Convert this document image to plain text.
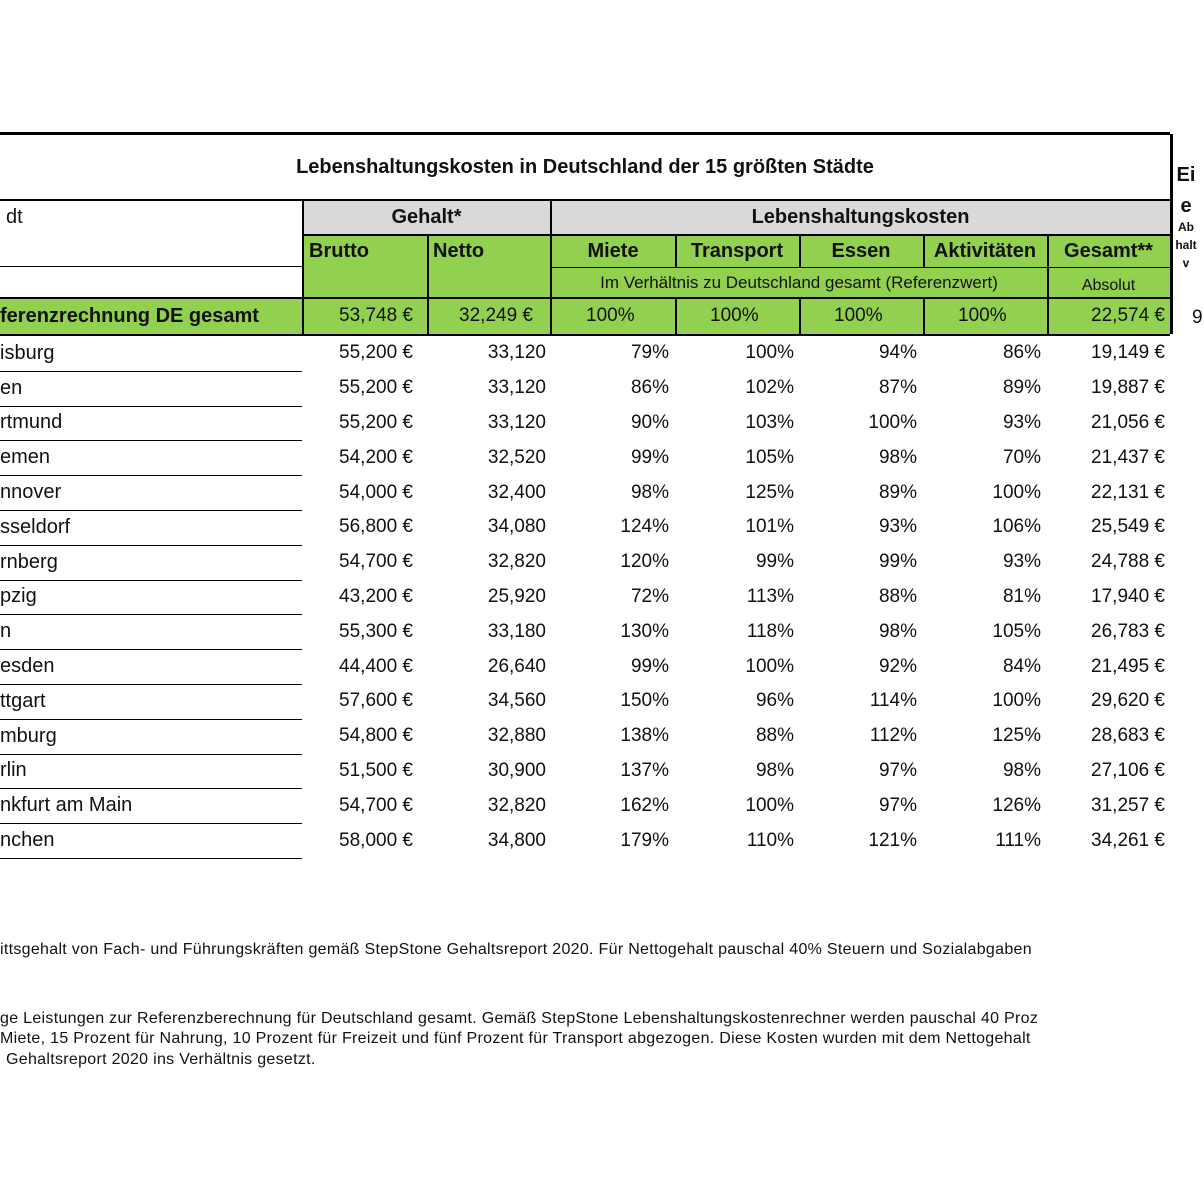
Lebenshaltungskosten in Deutschland der 15 größten Städte	Ei
e
Ab
halt
v
9
dt	Gehalt*	Lebenshaltungskosten
Brutto	Netto	Miete	Transport	Essen	Aktivitäten	Gesamt**
Im Verhältnis zu Deutschland gesamt (Referenzwert)	Absolut
ferenzrechnung DE gesamt	53,748 €	32,249 €	100%	100%	100%	100%	22,574 €
isburg	55,200 €	33,120	79%	100%	94%	86%	19,149 €
en	55,200 €	33,120	86%	102%	87%	89%	19,887 €
rtmund	55,200 €	33,120	90%	103%	100%	93%	21,056 €
emen	54,200 €	32,520	99%	105%	98%	70%	21,437 €
nnover	54,000 €	32,400	98%	125%	89%	100%	22,131 €
sseldorf	56,800 €	34,080	124%	101%	93%	106%	25,549 €
rnberg	54,700 €	32,820	120%	99%	99%	93%	24,788 €
pzig	43,200 €	25,920	72%	113%	88%	81%	17,940 €
n	55,300 €	33,180	130%	118%	98%	105%	26,783 €
esden	44,400 €	26,640	99%	100%	92%	84%	21,495 €
ttgart	57,600 €	34,560	150%	96%	114%	100%	29,620 €
mburg	54,800 €	32,880	138%	88%	112%	125%	28,683 €
rlin	51,500 €	30,900	137%	98%	97%	98%	27,106 €
nkfurt am Main	54,700 €	32,820	162%	100%	97%	126%	31,257 €
nchen	58,000 €	34,800	179%	110%	121%	111%	34,261 €
ittsgehalt von Fach- und Führungskräften gemäß StepStone Gehaltsreport 2020. Für Nettogehalt pauschal 40% Steuern und Sozialabgaben
ge Leistungen zur Referenzberechnung für Deutschland gesamt. Gemäß StepStone Lebenshaltungskostenrechner werden pauschal 40 Proz
Miete, 15 Prozent für Nahrung, 10 Prozent für Freizeit und fünf Prozent für Transport abgezogen. Diese Kosten wurden mit dem Nettogehalt
Gehaltsreport 2020 ins Verhältnis gesetzt.
